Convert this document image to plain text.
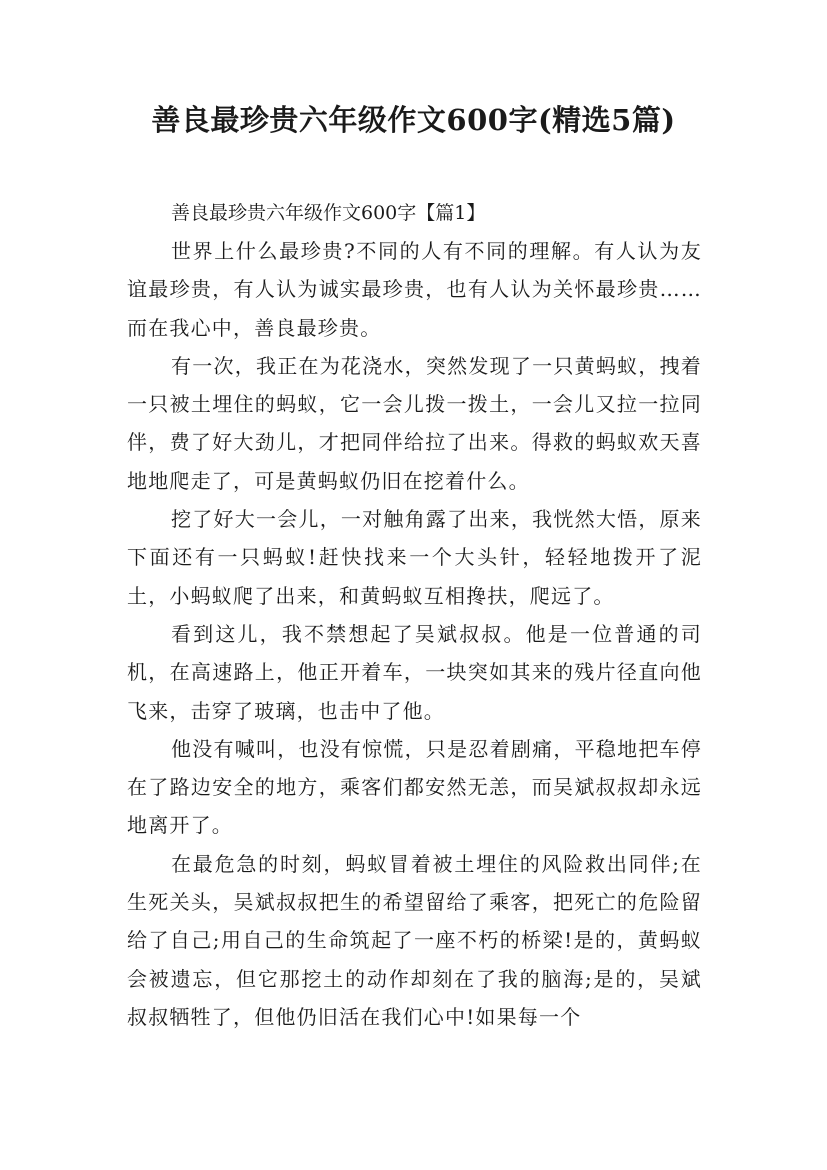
善良最珍贵六年级作文600字(精选5篇)

善良最珍贵六年级作文600字【篇1】

世界上什么最珍贵?不同的人有不同的理解。有人认为友谊最珍贵，有人认为诚实最珍贵，也有人认为关怀最珍贵……而在我心中，善良最珍贵。

有一次，我正在为花浇水，突然发现了一只黄蚂蚁，拽着一只被土埋住的蚂蚁，它一会儿拨一拨土，一会儿又拉一拉同伴，费了好大劲儿，才把同伴给拉了出来。得救的蚂蚁欢天喜地地爬走了，可是黄蚂蚁仍旧在挖着什么。

挖了好大一会儿，一对触角露了出来，我恍然大悟，原来下面还有一只蚂蚁!赶快找来一个大头针，轻轻地拨开了泥土，小蚂蚁爬了出来，和黄蚂蚁互相搀扶，爬远了。

看到这儿，我不禁想起了吴斌叔叔。他是一位普通的司机，在高速路上，他正开着车，一块突如其来的残片径直向他飞来，击穿了玻璃，也击中了他。

他没有喊叫，也没有惊慌，只是忍着剧痛，平稳地把车停在了路边安全的地方，乘客们都安然无恙，而吴斌叔叔却永远地离开了。

在最危急的时刻，蚂蚁冒着被土埋住的风险救出同伴;在生死关头，吴斌叔叔把生的希望留给了乘客，把死亡的危险留给了自己;用自己的生命筑起了一座不朽的桥梁!是的，黄蚂蚁会被遗忘，但它那挖土的动作却刻在了我的脑海;是的，吴斌叔叔牺牲了，但他仍旧活在我们心中!如果每一个
